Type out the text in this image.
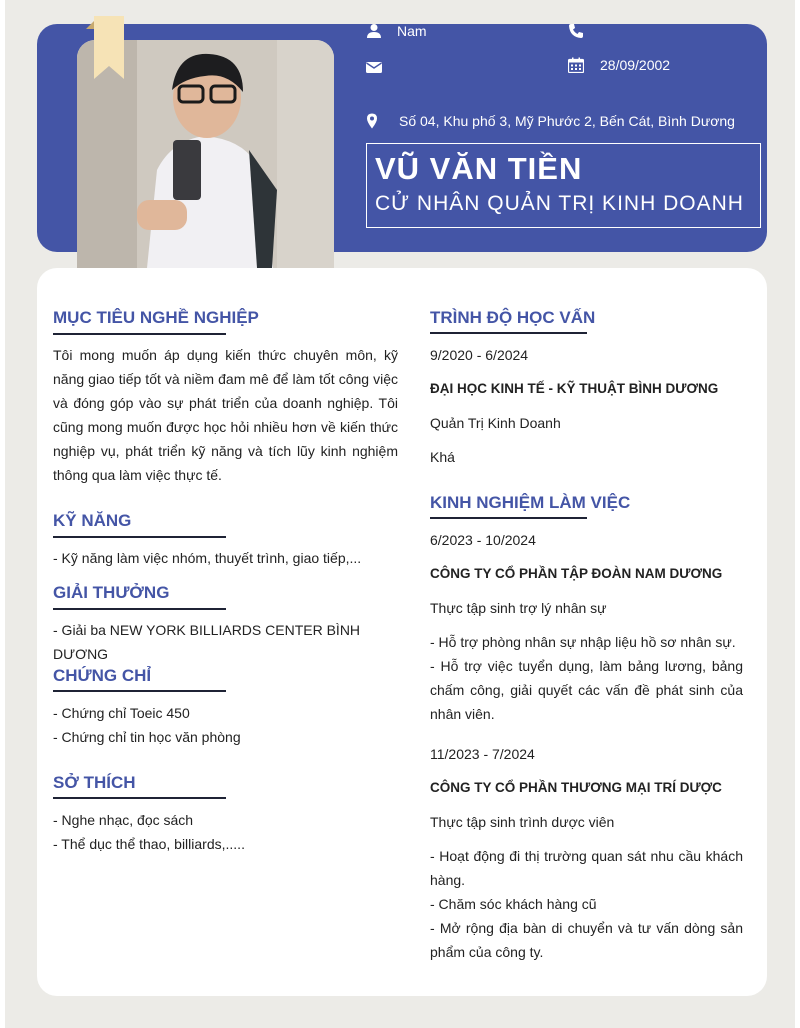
Nam
28/09/2002
Số 04, Khu phố 3, Mỹ Phước 2, Bến Cát, Bình Dương
VŨ VĂN TIỀN
CỬ NHÂN QUẢN TRỊ KINH DOANH
MỤC TIÊU NGHỀ NGHIỆP
Tôi mong muốn áp dụng kiến thức chuyên môn, kỹ năng giao tiếp tốt và niềm đam mê để làm tốt công việc và đóng góp vào sự phát triển của doanh nghiệp. Tôi cũng mong muốn được học hỏi nhiều hơn về kiến thức nghiệp vụ, phát triển kỹ năng và tích lũy kinh nghiệm thông qua làm việc thực tế.
KỸ NĂNG
- Kỹ năng làm việc nhóm, thuyết trình, giao tiếp,...
GIẢI THƯỞNG
- Giải ba NEW YORK BILLIARDS CENTER BÌNH DƯƠNG
CHỨNG CHỈ
- Chứng chỉ Toeic 450
- Chứng chỉ tin học văn phòng
SỞ THÍCH
- Nghe nhạc, đọc sách
- Thể dục thể thao, billiards,.....
TRÌNH ĐỘ HỌC VẤN
9/2020 - 6/2024
ĐẠI HỌC KINH TẾ - KỸ THUẬT BÌNH DƯƠNG
Quản Trị Kinh Doanh
Khá
KINH NGHIỆM LÀM VIỆC
6/2023 - 10/2024
CÔNG TY CỔ PHẦN TẬP ĐOÀN NAM DƯƠNG
Thực tập sinh trợ lý nhân sự
- Hỗ trợ phòng nhân sự nhập liệu hồ sơ nhân sự.
- Hỗ trợ việc tuyển dụng, làm bảng lương, bảng chấm công, giải quyết các vấn đề phát sinh của nhân viên.
11/2023 - 7/2024
CÔNG TY CỔ PHẦN THƯƠNG MẠI TRÍ DƯỢC
Thực tập sinh trình dược viên
- Hoạt động đi thị trường quan sát nhu cầu khách hàng.
- Chăm sóc khách hàng cũ
- Mở rộng địa bàn di chuyển và tư vấn dòng sản phẩm của công ty.
